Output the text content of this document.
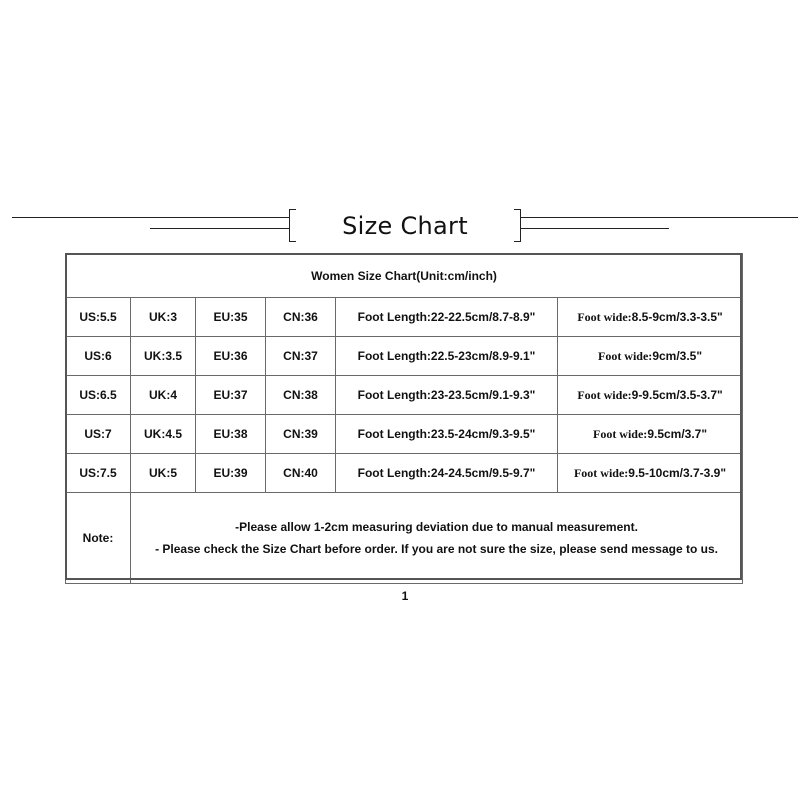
Size Chart
Women Size Chart(Unit:cm/inch)					
US:5.5	UK:3	EU:35	CN:36	Foot Length:22-22.5cm/8.7-8.9"	Foot wide:8.5-9cm/3.3-3.5"
US:6	UK:3.5	EU:36	CN:37	Foot Length:22.5-23cm/8.9-9.1"	Foot wide:9cm/3.5"
US:6.5	UK:4	EU:37	CN:38	Foot Length:23-23.5cm/9.1-9.3"	Foot wide:9-9.5cm/3.5-3.7"
US:7	UK:4.5	EU:38	CN:39	Foot Length:23.5-24cm/9.3-9.5"	Foot wide:9.5cm/3.7"
US:7.5	UK:5	EU:39	CN:40	Foot Length:24-24.5cm/9.5-9.7"	Foot wide:9.5-10cm/3.7-3.9"
Note:	-Please allow 1-2cm measuring deviation due to manual measurement.
- Please check the Size Chart before order. If you are not sure the size, please send message to us.				
1
